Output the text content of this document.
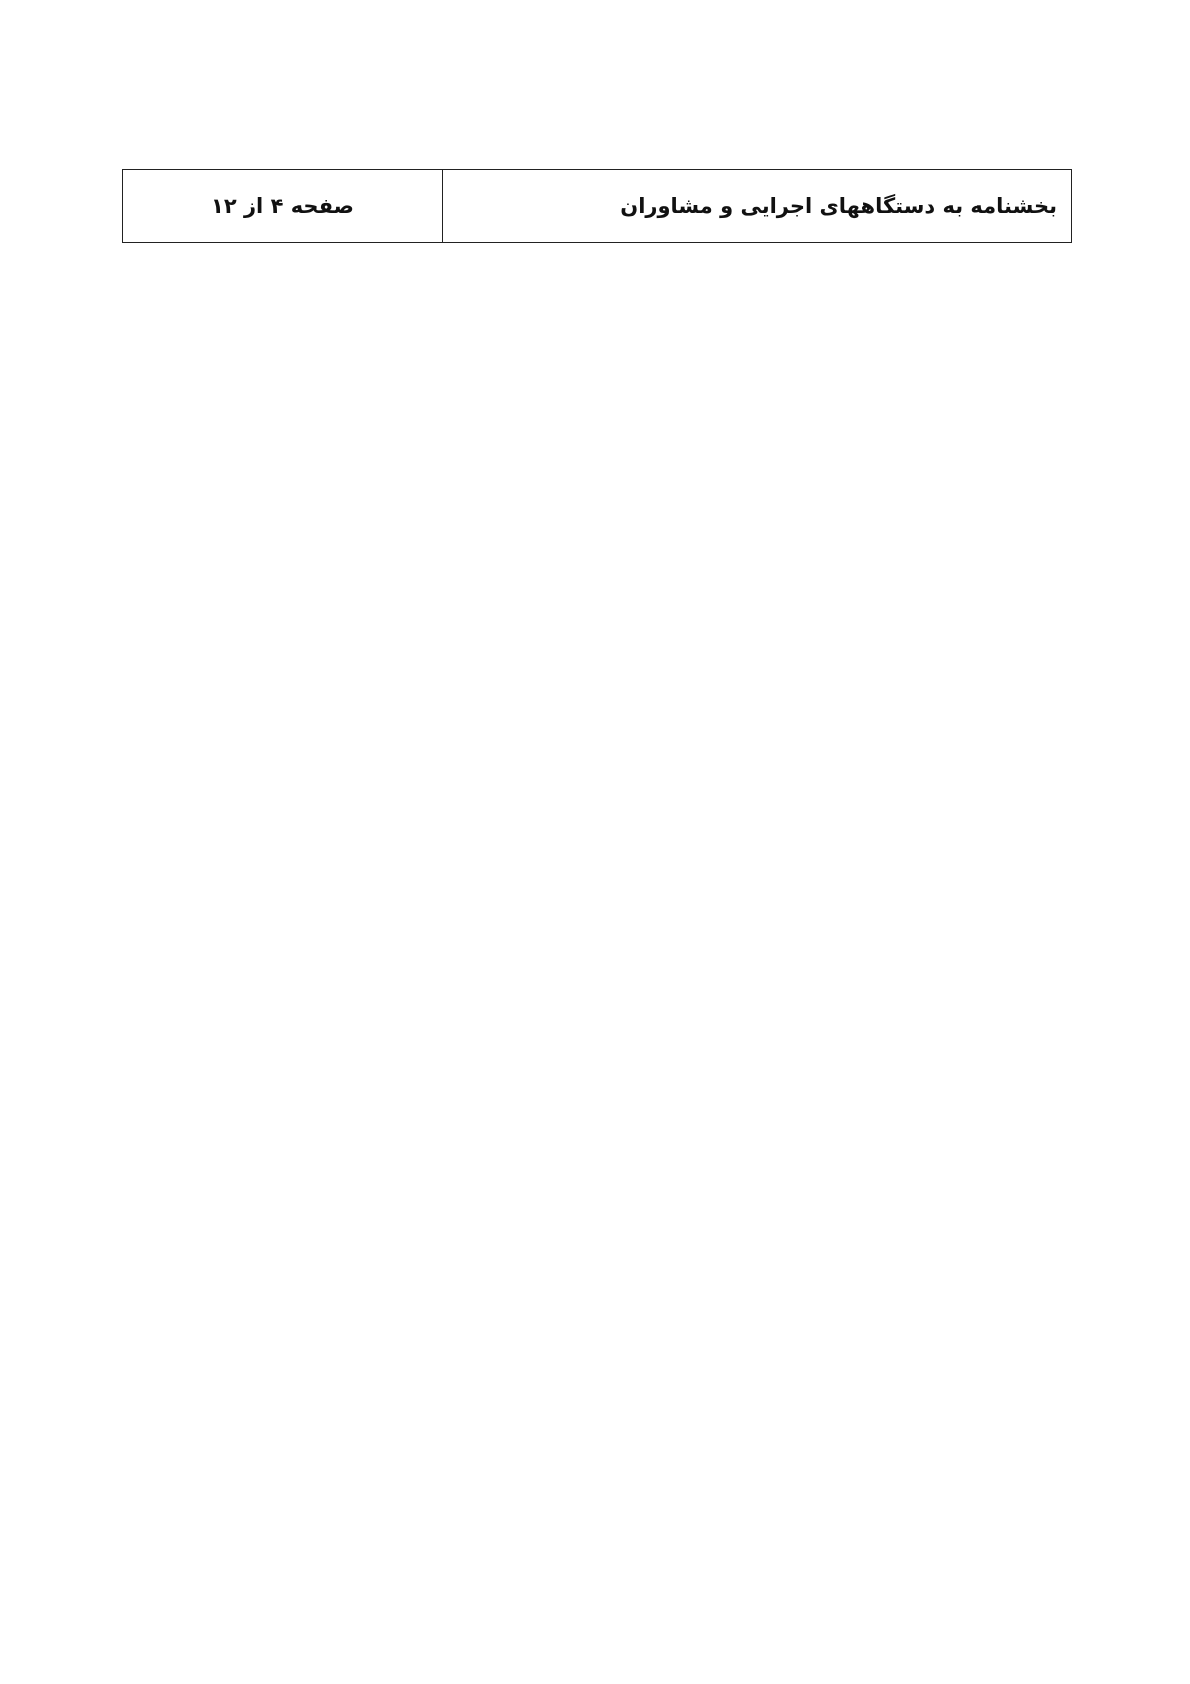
بخشنامه به دستگاههای اجرایی و مشاوران	صفحه ۴ از ۱۲
